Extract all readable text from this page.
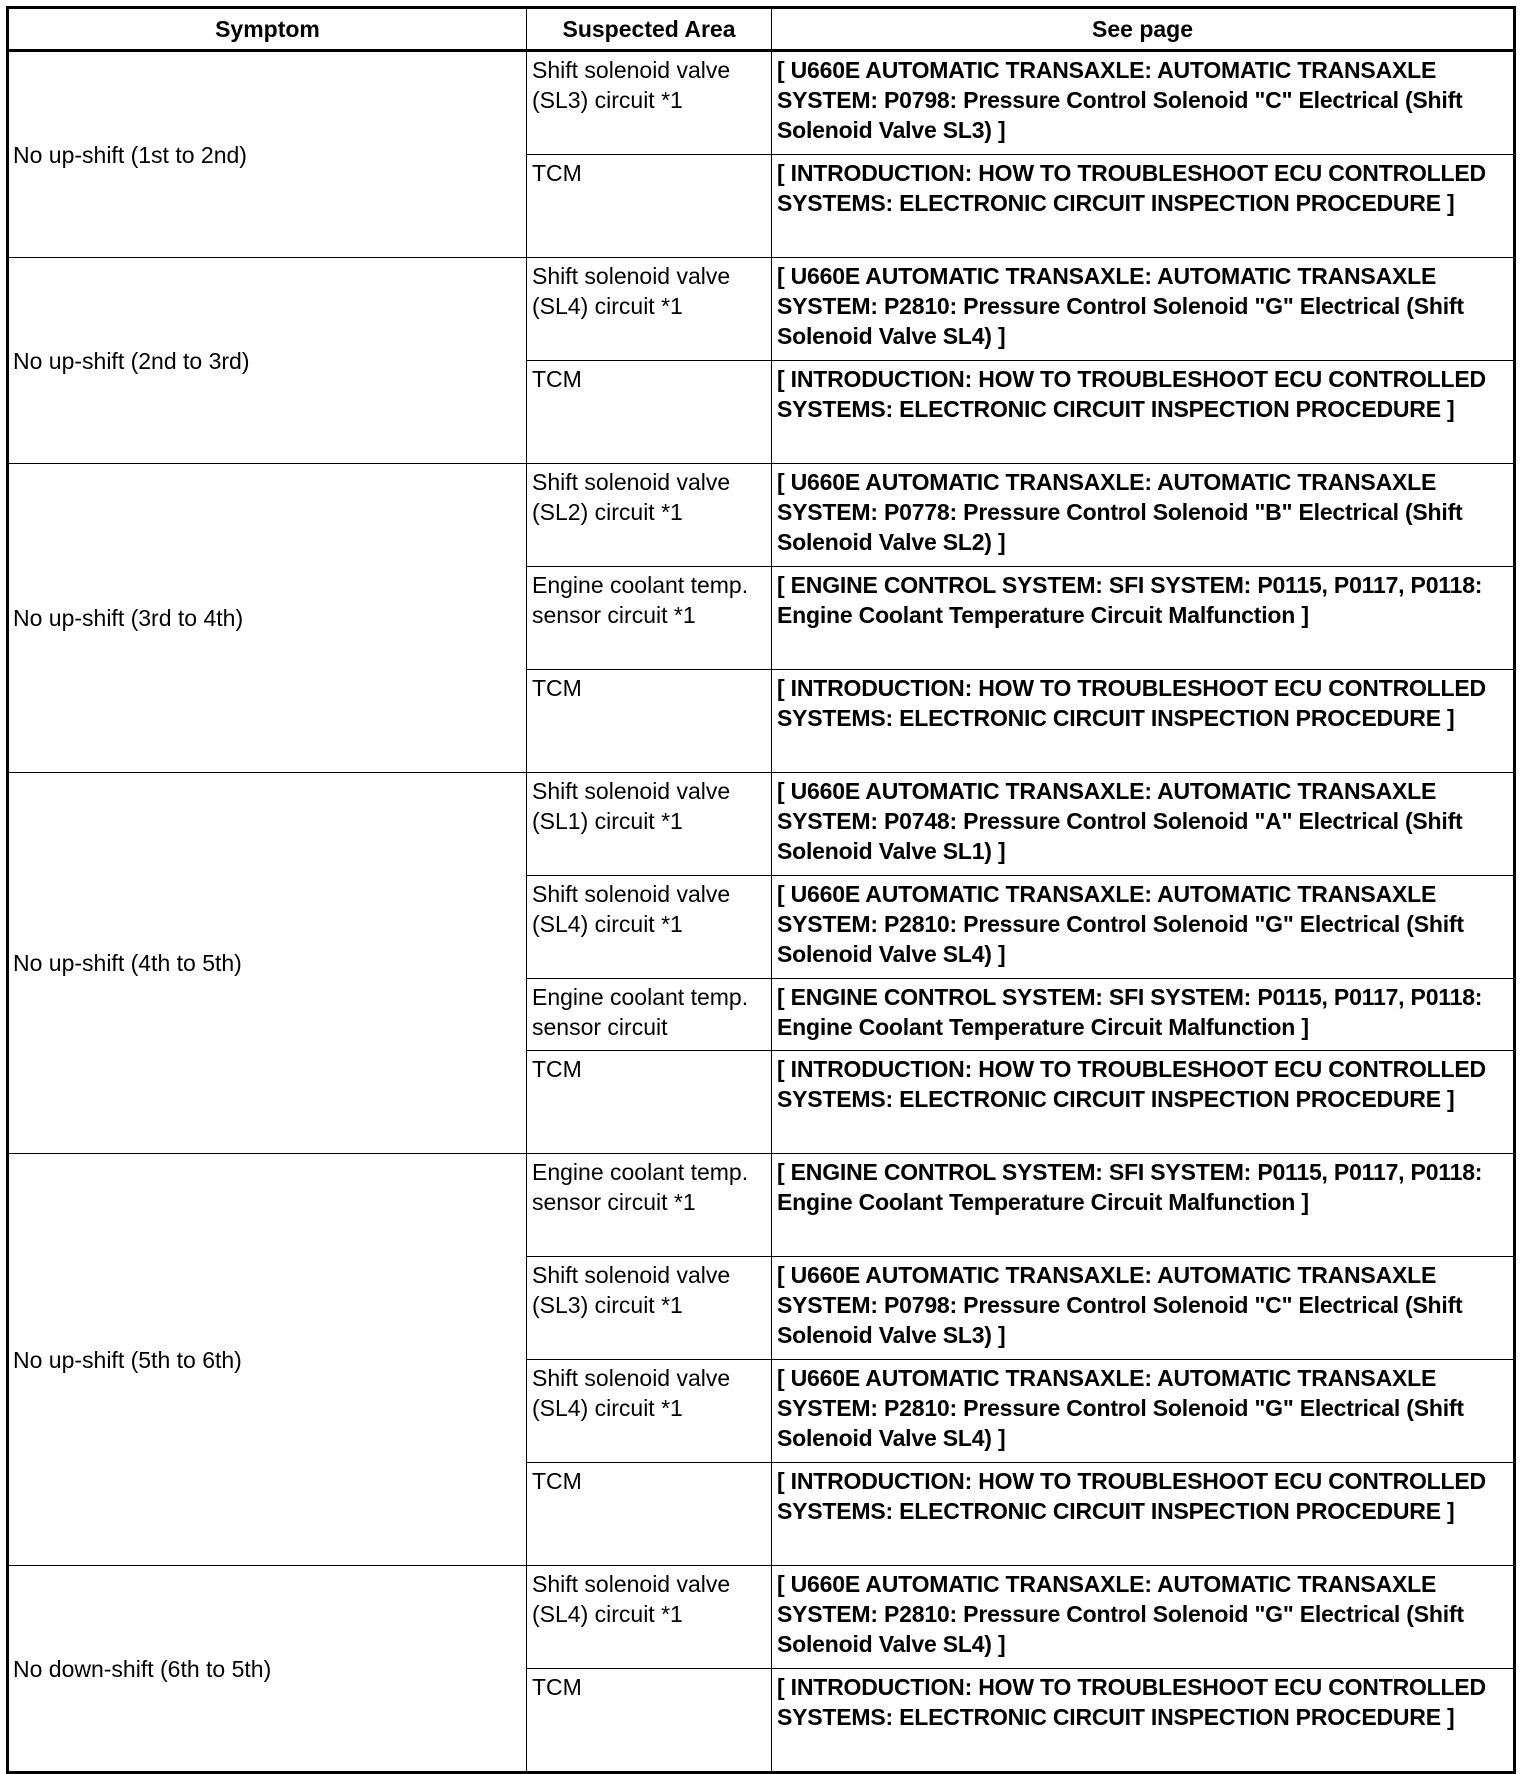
Symptom	Suspected Area	See page
No up-shift (1st to 2nd)	Shift solenoid valve (SL3) circuit *1	[ U660E AUTOMATIC TRANSAXLE: AUTOMATIC TRANSAXLE SYSTEM: P0798: Pressure Control Solenoid "C" Electrical (Shift Solenoid Valve SL3) ]
	TCM	[ INTRODUCTION: HOW TO TROUBLESHOOT ECU CONTROLLED SYSTEMS: ELECTRONIC CIRCUIT INSPECTION PROCEDURE ]
No up-shift (2nd to 3rd)	Shift solenoid valve (SL4) circuit *1	[ U660E AUTOMATIC TRANSAXLE: AUTOMATIC TRANSAXLE SYSTEM: P2810: Pressure Control Solenoid "G" Electrical (Shift Solenoid Valve SL4) ]
	TCM	[ INTRODUCTION: HOW TO TROUBLESHOOT ECU CONTROLLED SYSTEMS: ELECTRONIC CIRCUIT INSPECTION PROCEDURE ]
No up-shift (3rd to 4th)	Shift solenoid valve (SL2) circuit *1	[ U660E AUTOMATIC TRANSAXLE: AUTOMATIC TRANSAXLE SYSTEM: P0778: Pressure Control Solenoid "B" Electrical (Shift Solenoid Valve SL2) ]
	Engine coolant temp. sensor circuit *1	[ ENGINE CONTROL SYSTEM: SFI SYSTEM: P0115, P0117, P0118: Engine Coolant Temperature Circuit Malfunction ]
	TCM	[ INTRODUCTION: HOW TO TROUBLESHOOT ECU CONTROLLED SYSTEMS: ELECTRONIC CIRCUIT INSPECTION PROCEDURE ]
No up-shift (4th to 5th)	Shift solenoid valve (SL1) circuit *1	[ U660E AUTOMATIC TRANSAXLE: AUTOMATIC TRANSAXLE SYSTEM: P0748: Pressure Control Solenoid "A" Electrical (Shift Solenoid Valve SL1) ]
	Shift solenoid valve (SL4) circuit *1	[ U660E AUTOMATIC TRANSAXLE: AUTOMATIC TRANSAXLE SYSTEM: P2810: Pressure Control Solenoid "G" Electrical (Shift Solenoid Valve SL4) ]
	Engine coolant temp. sensor circuit	[ ENGINE CONTROL SYSTEM: SFI SYSTEM: P0115, P0117, P0118: Engine Coolant Temperature Circuit Malfunction ]
	TCM	[ INTRODUCTION: HOW TO TROUBLESHOOT ECU CONTROLLED SYSTEMS: ELECTRONIC CIRCUIT INSPECTION PROCEDURE ]
No up-shift (5th to 6th)	Engine coolant temp. sensor circuit *1	[ ENGINE CONTROL SYSTEM: SFI SYSTEM: P0115, P0117, P0118: Engine Coolant Temperature Circuit Malfunction ]
	Shift solenoid valve (SL3) circuit *1	[ U660E AUTOMATIC TRANSAXLE: AUTOMATIC TRANSAXLE SYSTEM: P0798: Pressure Control Solenoid "C" Electrical (Shift Solenoid Valve SL3) ]
	Shift solenoid valve (SL4) circuit *1	[ U660E AUTOMATIC TRANSAXLE: AUTOMATIC TRANSAXLE SYSTEM: P2810: Pressure Control Solenoid "G" Electrical (Shift Solenoid Valve SL4) ]
	TCM	[ INTRODUCTION: HOW TO TROUBLESHOOT ECU CONTROLLED SYSTEMS: ELECTRONIC CIRCUIT INSPECTION PROCEDURE ]
No down-shift (6th to 5th)	Shift solenoid valve (SL4) circuit *1	[ U660E AUTOMATIC TRANSAXLE: AUTOMATIC TRANSAXLE SYSTEM: P2810: Pressure Control Solenoid "G" Electrical (Shift Solenoid Valve SL4) ]
	TCM	[ INTRODUCTION: HOW TO TROUBLESHOOT ECU CONTROLLED SYSTEMS: ELECTRONIC CIRCUIT INSPECTION PROCEDURE ]
